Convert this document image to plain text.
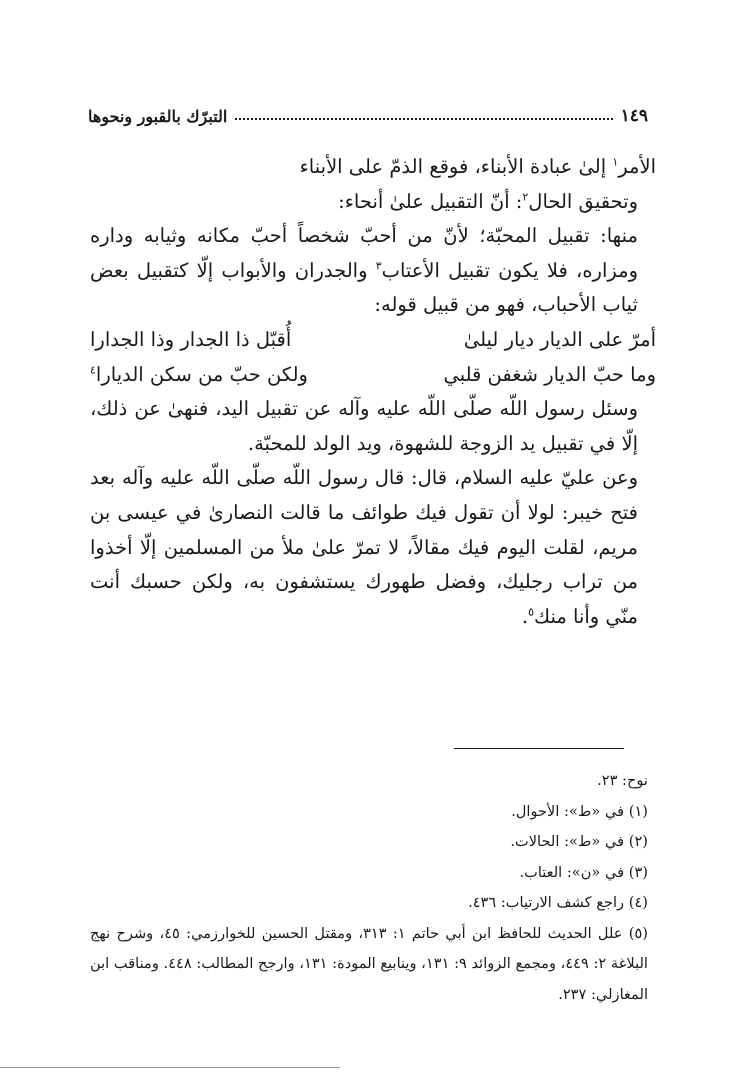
التبرّك بالقبور ونحوها	١٤٩

الأمر$^١$ إلىٰ عبادة الأبناء، فوقع الذمّ على الأبناء

وتحقيق الحال$^٢$: أنّ التقبيل علىٰ أنحاء:

منها: تقبيل المحبّة؛ لأنّ من أحبّ شخصاً أحبّ مكانه وثيابه وداره ومزاره، فلا يكون تقبيل الأعتاب$^٣$ والجدران والأبواب إلّا كتقبيل بعض ثياب الأحباب، فهو من قبيل قوله:

أمرّ على الديار ديار ليلىٰ
أُقبّل ذا الجدار وذا الجدارا
وما حبّ الديار شغفن قلبي
ولكن حبّ من سكن الديارا$^٤$

وسئل رسول اللّه صلّى اللّه عليه وآله عن تقبيل اليد، فنهىٰ عن ذلك، إلّا في تقبيل يد الزوجة للشهوة، ويد الولد للمحبّة.

وعن عليّ عليه السلام، قال: قال رسول اللّه صلّى اللّه عليه وآله بعد فتح خيبر: لولا أن تقول فيك طوائف ما قالت النصارىٰ في عيسى بن مريم، لقلت اليوم فيك مقالاً، لا تمرّ علىٰ ملأ من المسلمين إلّا أخذوا من تراب رجليك، وفضل طهورك يستشفون به، ولكن حسبك أنت منّي وأنا منك$^٥$.

نوح: ٢٣.

(١) في «ط»: الأحوال.

(٢) في «ط»: الحالات.

(٣) في «ن»: العتاب.

(٤) راجع كشف الارتياب: ٤٣٦.

(٥) علل الحديث للحافظ ابن أبي حاتم ١: ٣١٣، ومقتل الحسين للخوارزمي: ٤٥، وشرح نهج البلاغة ٢: ٤٤٩، ومجمع الزوائد ٩: ١٣١، وينابيع المودة: ١٣١، وارجح المطالب: ٤٤٨. ومناقب ابن المغازلي: ٢٣٧.
